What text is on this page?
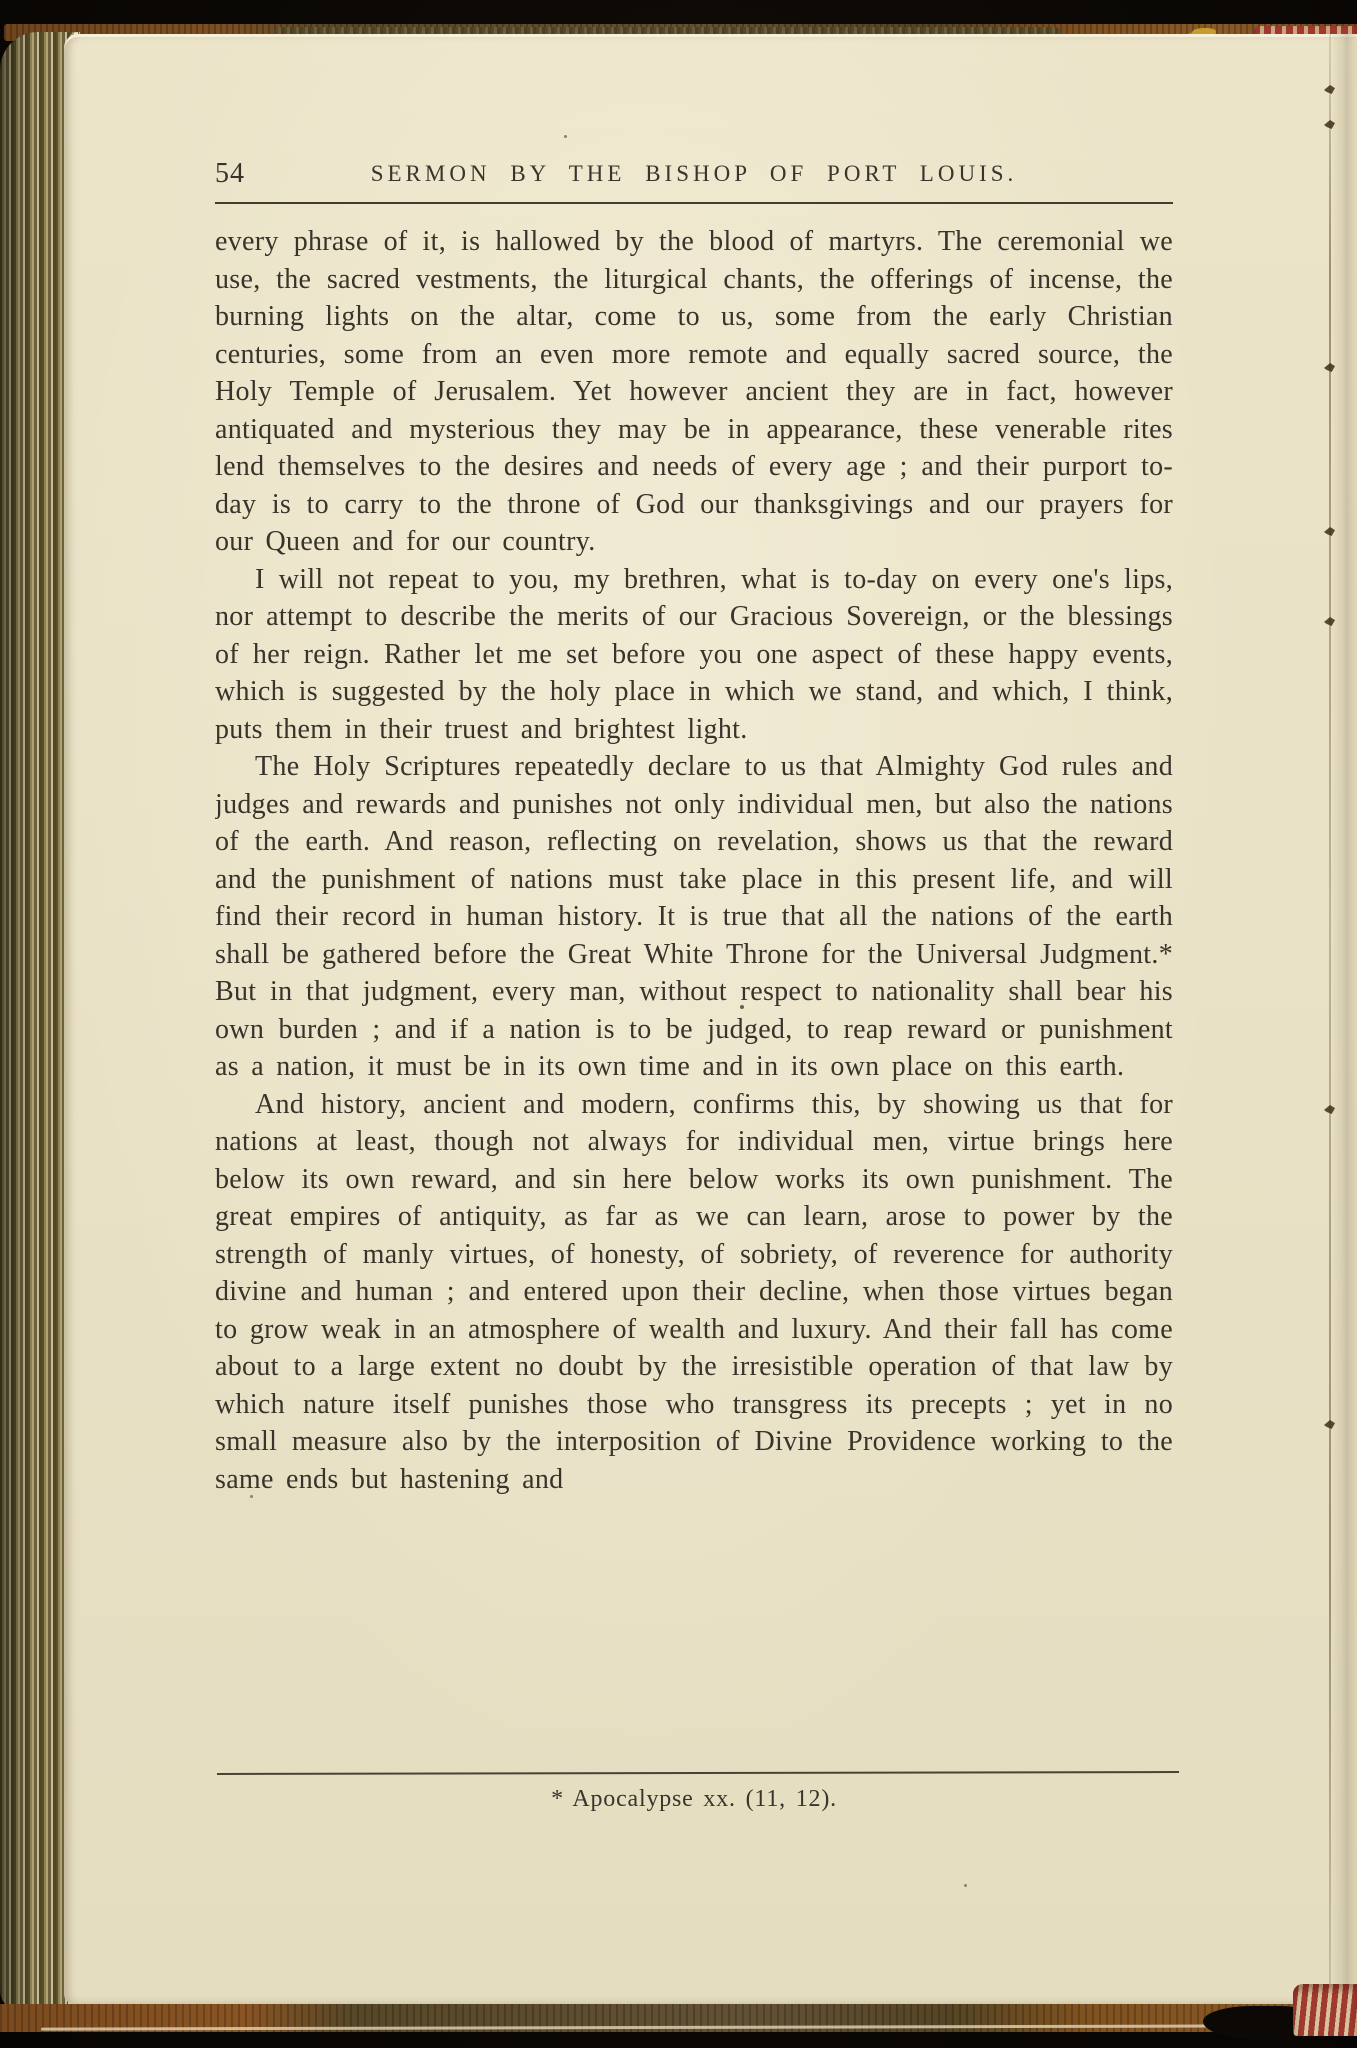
54	SERMON BY THE BISHOP OF PORT LOUIS.

every phrase of it, is hallowed by the blood of martyrs. The ceremonial we use, the sacred vestments, the liturgical chants, the offerings of incense, the burning lights on the altar, come to us, some from the early Christian centuries, some from an even more remote and equally sacred source, the Holy Temple of Jerusalem. Yet however ancient they are in fact, however antiquated and mysterious they may be in appearance, these venerable rites lend themselves to the desires and needs of every age ; and their purport to-day is to carry to the throne of God our thanksgivings and our prayers for our Queen and for our country.

I will not repeat to you, my brethren, what is to-day on every one's lips, nor attempt to describe the merits of our Gracious Sovereign, or the blessings of her reign. Rather let me set before you one aspect of these happy events, which is suggested by the holy place in which we stand, and which, I think, puts them in their truest and brightest light.

The Holy Scriptures repeatedly declare to us that Almighty God rules and judges and rewards and punishes not only individual men, but also the nations of the earth. And reason, reflecting on revelation, shows us that the reward and the punishment of nations must take place in this present life, and will find their record in human history. It is true that all the nations of the earth shall be gathered before the Great White Throne for the Universal Judgment.* But in that judgment, every man, without respect to nationality shall bear his own burden ; and if a nation is to be judged, to reap reward or punishment as a nation, it must be in its own time and in its own place on this earth.

And history, ancient and modern, confirms this, by showing us that for nations at least, though not always for individual men, virtue brings here below its own reward, and sin here below works its own punishment. The great empires of antiquity, as far as we can learn, arose to power by the strength of manly virtues, of honesty, of sobriety, of reverence for authority divine and human ; and entered upon their decline, when those virtues began to grow weak in an atmosphere of wealth and luxury. And their fall has come about to a large extent no doubt by the irresistible operation of that law by which nature itself punishes those who transgress its precepts ; yet in no small measure also by the interposition of Divine Providence working to the same ends but hastening and

* Apocalypse xx. (11, 12).
